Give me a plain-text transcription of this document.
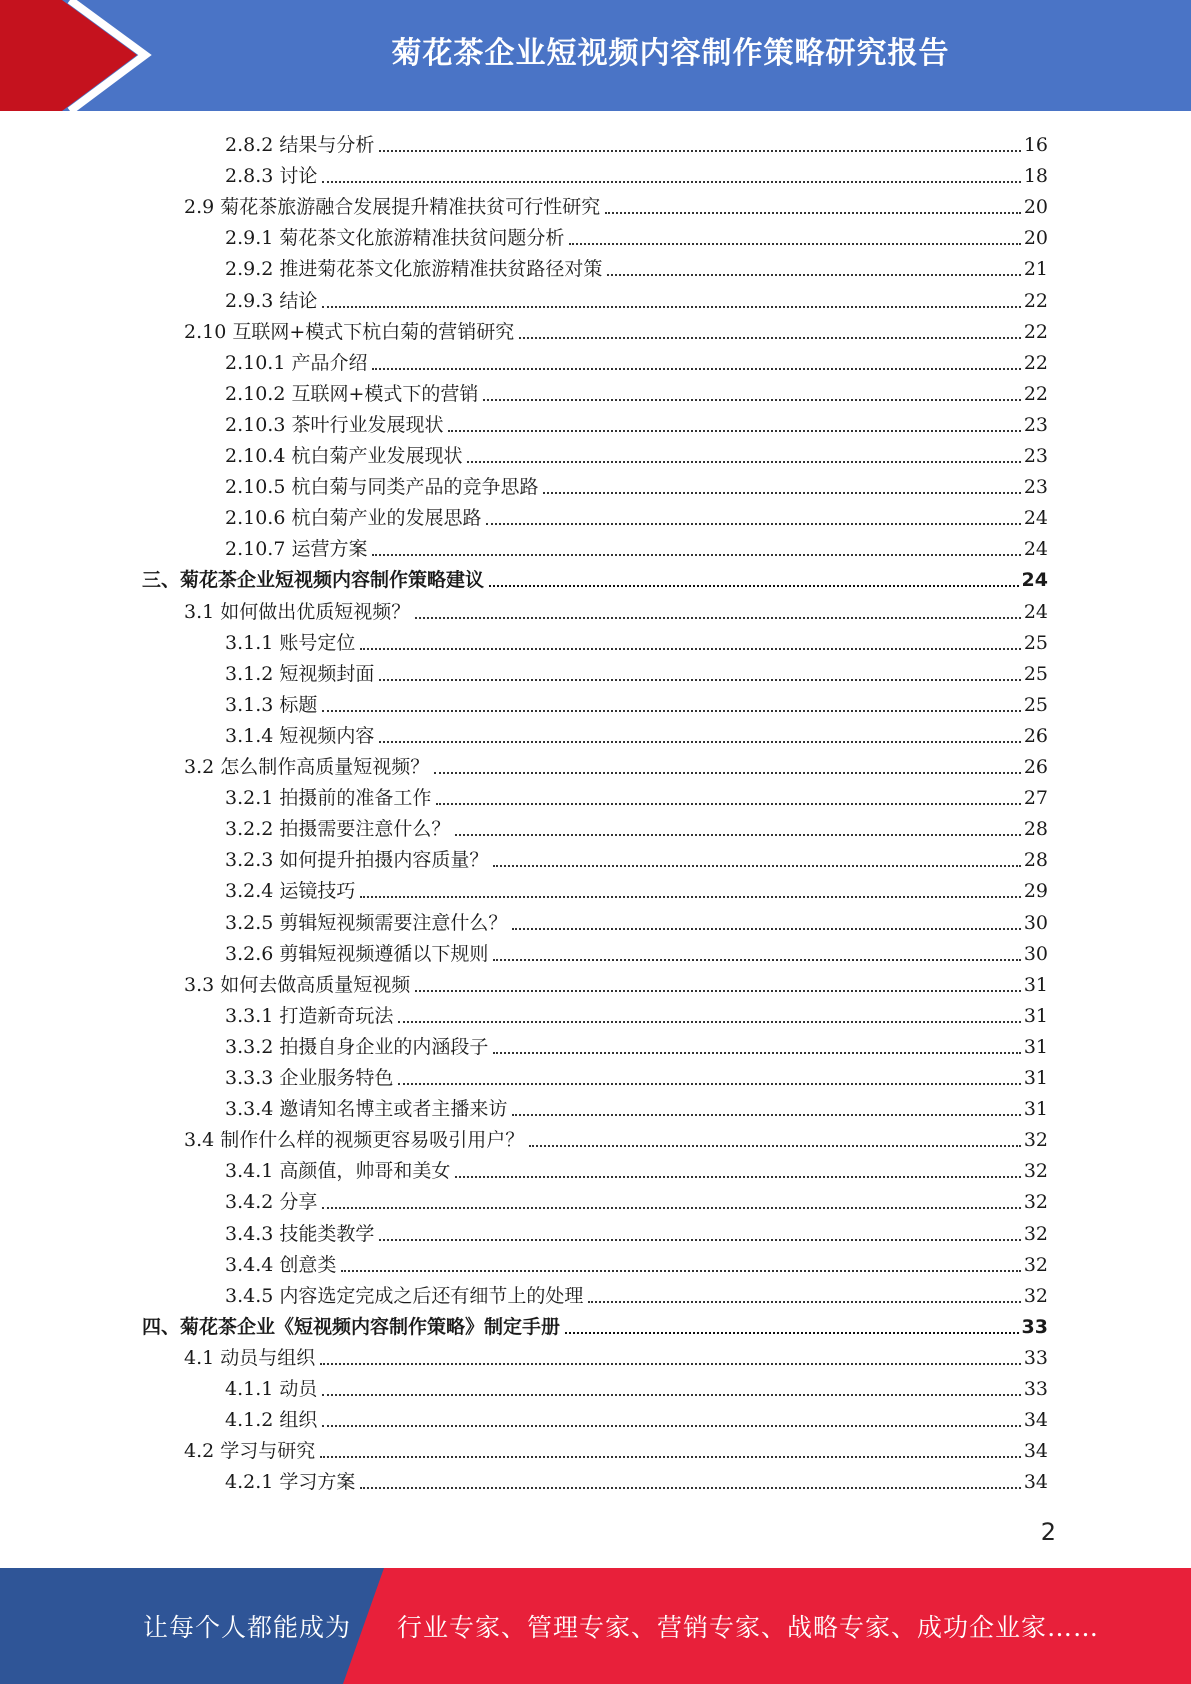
菊花茶企业短视频内容制作策略研究报告
2.8.2 结果与分析	16
2.8.3 讨论	18
2.9 菊花茶旅游融合发展提升精准扶贫可行性研究	20
2.9.1 菊花茶文化旅游精准扶贫问题分析	20
2.9.2 推进菊花茶文化旅游精准扶贫路径对策	21
2.9.3 结论	22
2.10 互联网+模式下杭白菊的营销研究	22
2.10.1 产品介绍	22
2.10.2 互联网+模式下的营销	22
2.10.3 茶叶行业发展现状	23
2.10.4 杭白菊产业发展现状	23
2.10.5 杭白菊与同类产品的竞争思路	23
2.10.6 杭白菊产业的发展思路	24
2.10.7 运营方案	24
三、菊花茶企业短视频内容制作策略建议	24
3.1 如何做出优质短视频？	24
3.1.1 账号定位	25
3.1.2 短视频封面	25
3.1.3 标题	25
3.1.4 短视频内容	26
3.2 怎么制作高质量短视频？	26
3.2.1 拍摄前的准备工作	27
3.2.2 拍摄需要注意什么？	28
3.2.3 如何提升拍摄内容质量？	28
3.2.4 运镜技巧	29
3.2.5 剪辑短视频需要注意什么？	30
3.2.6 剪辑短视频遵循以下规则	30
3.3 如何去做高质量短视频	31
3.3.1 打造新奇玩法	31
3.3.2 拍摄自身企业的内涵段子	31
3.3.3 企业服务特色	31
3.3.4 邀请知名博主或者主播来访	31
3.4 制作什么样的视频更容易吸引用户？	32
3.4.1 高颜值，帅哥和美女	32
3.4.2 分享	32
3.4.3 技能类教学	32
3.4.4 创意类	32
3.4.5 内容选定完成之后还有细节上的处理	32
四、菊花茶企业《短视频内容制作策略》制定手册	33
4.1 动员与组织	33
4.1.1 动员	33
4.1.2 组织	34
4.2 学习与研究	34
4.2.1 学习方案	34
2
让每个人都能成为 行业专家、管理专家、营销专家、战略专家、成功企业家……
